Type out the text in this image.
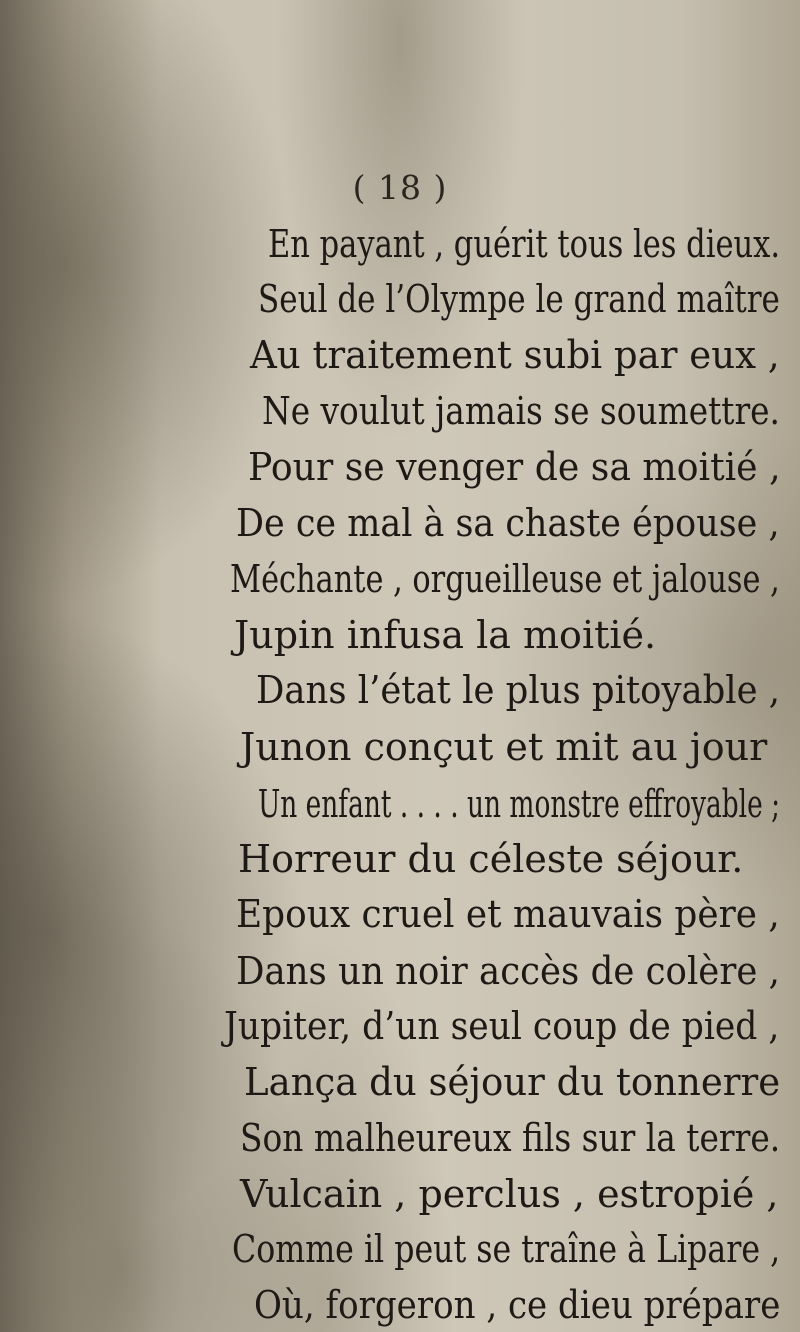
( 18 )
En payant , guérit tous les dieux.
Seul de l’Olympe le grand maître
Au traitement subi par eux ,
Ne voulut jamais se soumettre.
Pour se venger de sa moitié ,
De ce mal à sa chaste épouse ,
Méchante , orgueilleuse et jalouse ,
Jupin infusa la moitié.
Dans l’état le plus pitoyable ,
Junon conçut et mit au jour
Un enfant . . . . un monstre effroyable ;
Horreur du céleste séjour.
Epoux cruel et mauvais père ,
Dans un noir accès de colère ,
Jupiter, d’un seul coup de pied ,
Lança du séjour du tonnerre
Son malheureux fils sur la terre.
Vulcain , perclus , estropié ,
Comme il peut se traîne à Lipare ,
Où, forgeron , ce dieu prépare
